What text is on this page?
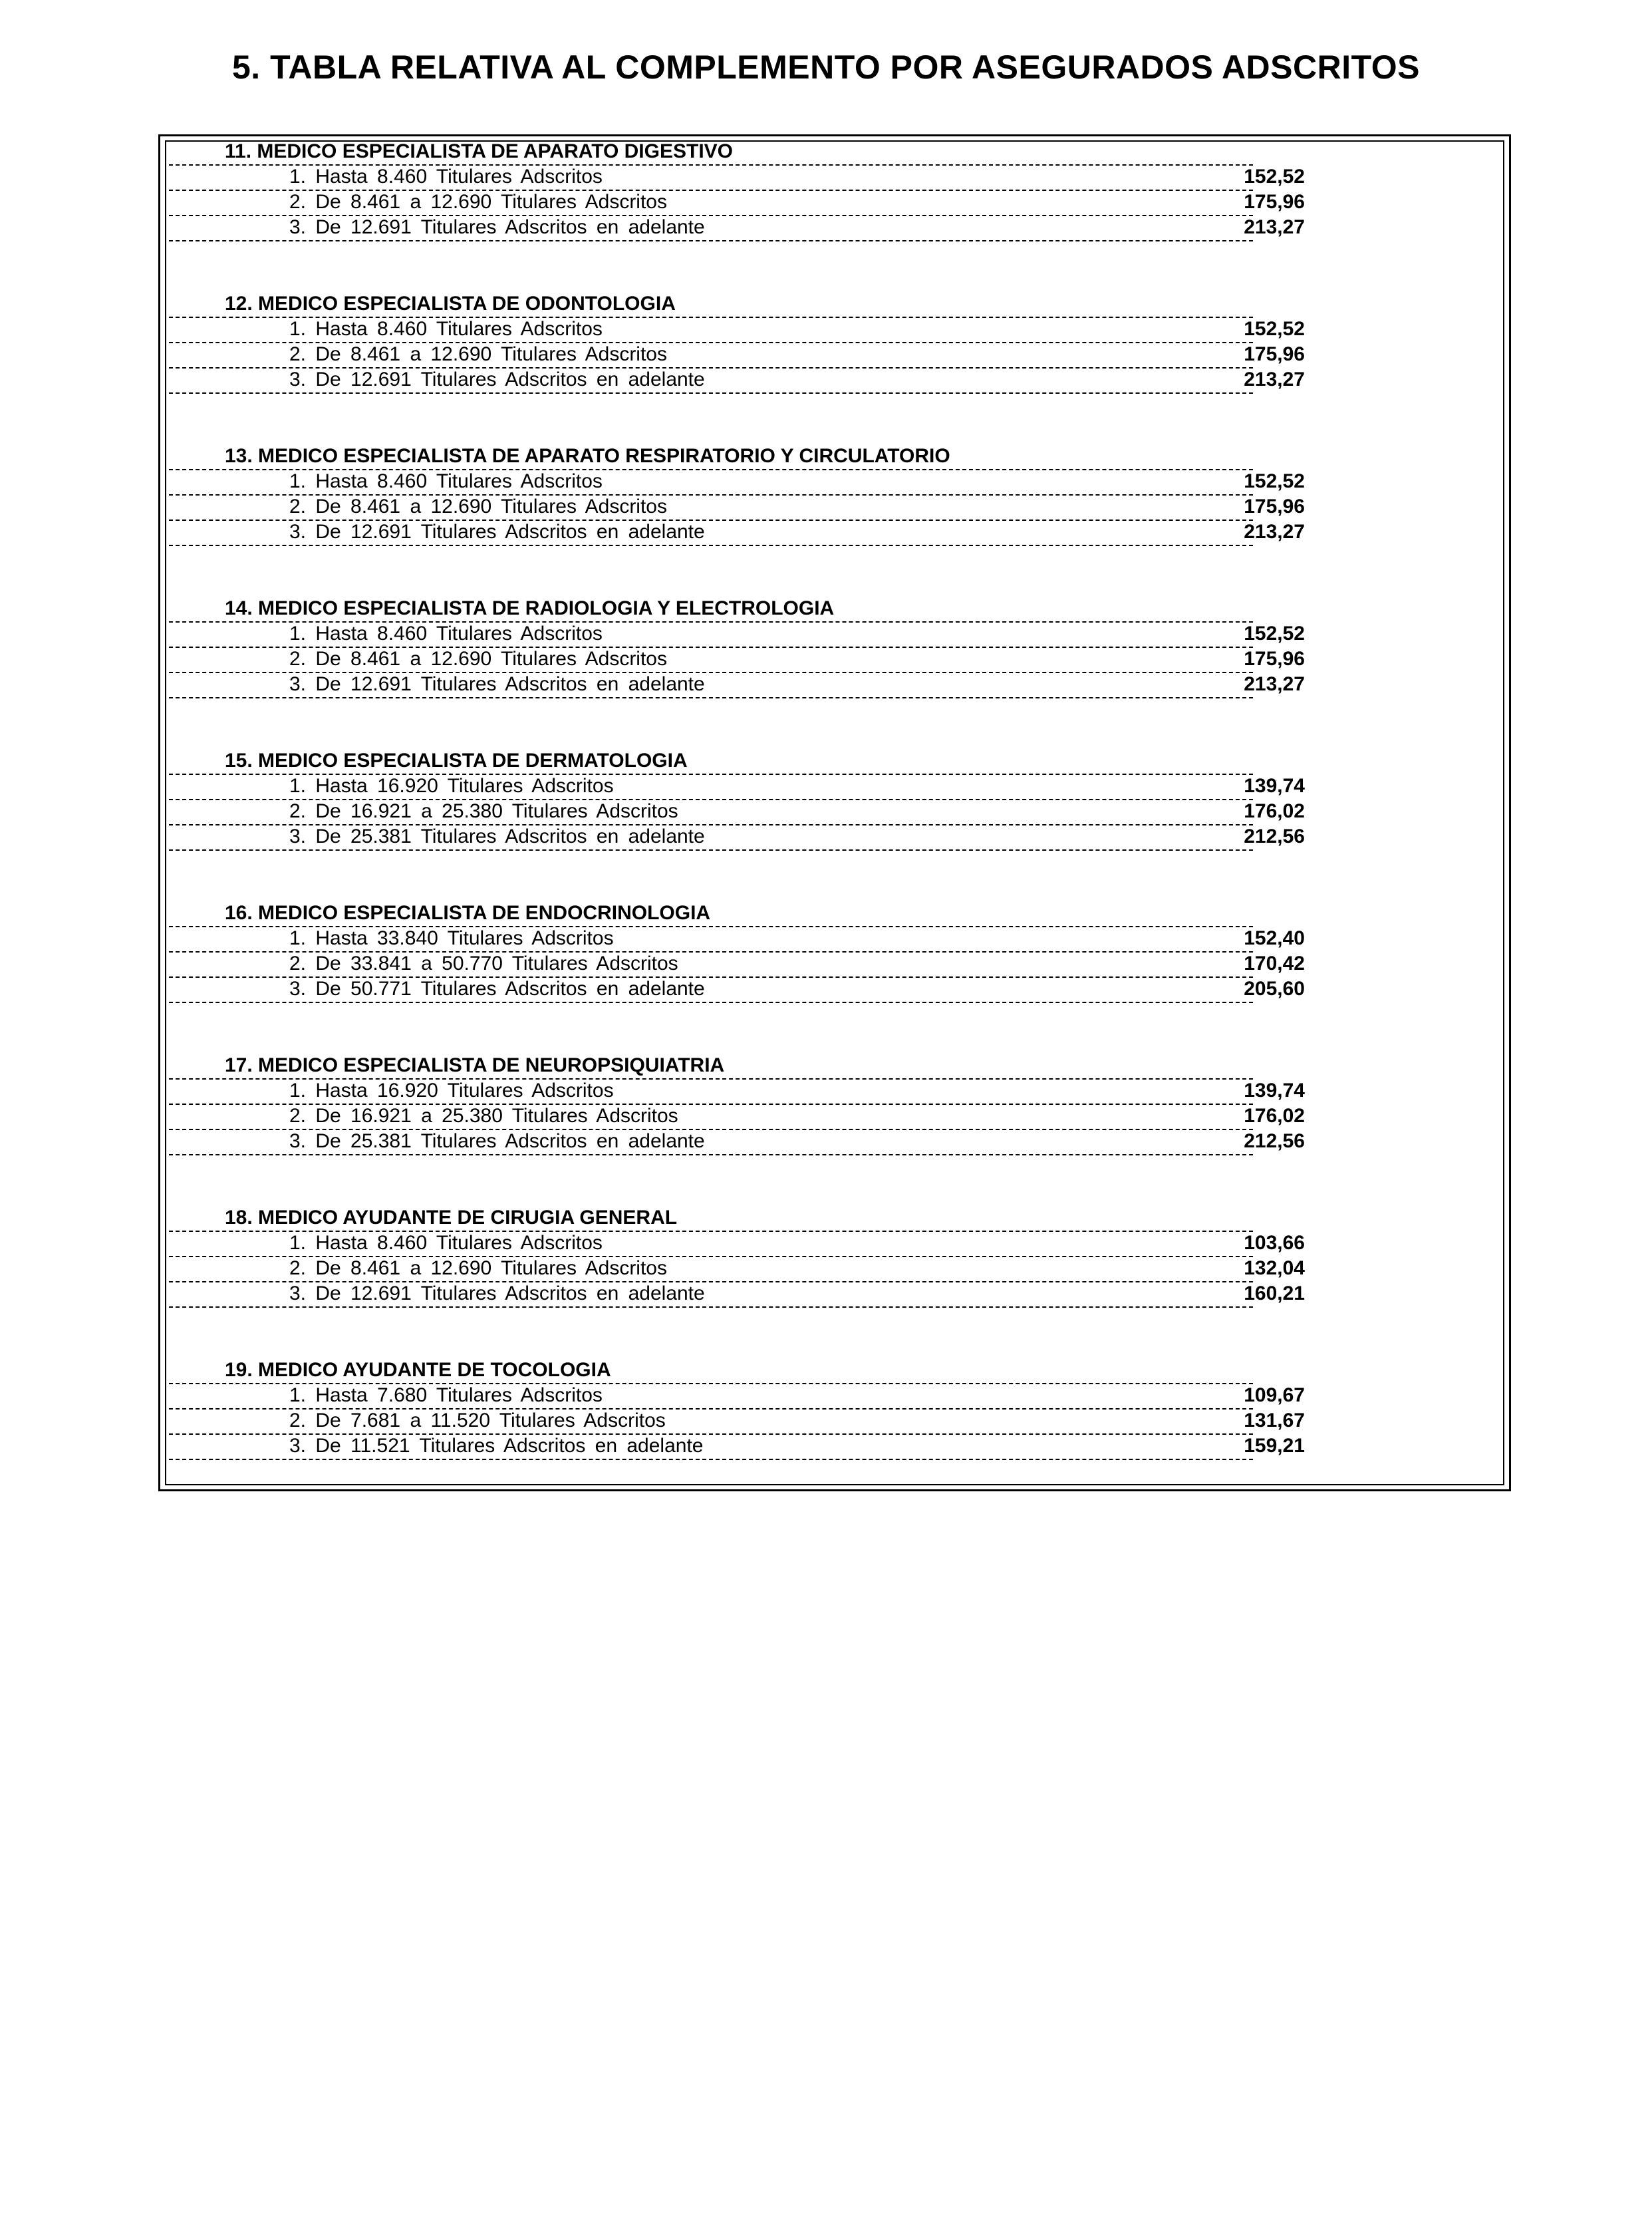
5. TABLA RELATIVA AL COMPLEMENTO POR ASEGURADOS ADSCRITOS
11. MEDICO ESPECIALISTA DE APARATO DIGESTIVO
1. Hasta 8.460 Titulares Adscritos	152,52
2. De 8.461 a 12.690 Titulares Adscritos	175,96
3. De 12.691 Titulares Adscritos en adelante	213,27
12. MEDICO ESPECIALISTA DE ODONTOLOGIA
1. Hasta 8.460 Titulares Adscritos	152,52
2. De 8.461 a 12.690 Titulares Adscritos	175,96
3. De 12.691 Titulares Adscritos en adelante	213,27
13. MEDICO ESPECIALISTA DE APARATO RESPIRATORIO Y CIRCULATORIO
1. Hasta 8.460 Titulares Adscritos	152,52
2. De 8.461 a 12.690 Titulares Adscritos	175,96
3. De 12.691 Titulares Adscritos en adelante	213,27
14. MEDICO ESPECIALISTA DE RADIOLOGIA Y ELECTROLOGIA
1. Hasta 8.460 Titulares Adscritos	152,52
2. De 8.461 a 12.690 Titulares Adscritos	175,96
3. De 12.691 Titulares Adscritos en adelante	213,27
15. MEDICO ESPECIALISTA DE DERMATOLOGIA
1. Hasta 16.920 Titulares Adscritos	139,74
2. De 16.921 a 25.380 Titulares Adscritos	176,02
3. De 25.381 Titulares Adscritos en adelante	212,56
16. MEDICO ESPECIALISTA DE ENDOCRINOLOGIA
1. Hasta 33.840 Titulares Adscritos	152,40
2. De 33.841 a 50.770 Titulares Adscritos	170,42
3. De 50.771 Titulares Adscritos en adelante	205,60
17. MEDICO ESPECIALISTA DE NEUROPSIQUIATRIA
1. Hasta 16.920 Titulares Adscritos	139,74
2. De 16.921 a 25.380 Titulares Adscritos	176,02
3. De 25.381 Titulares Adscritos en adelante	212,56
18. MEDICO AYUDANTE DE CIRUGIA GENERAL
1. Hasta 8.460 Titulares Adscritos	103,66
2. De 8.461 a 12.690 Titulares Adscritos	132,04
3. De 12.691 Titulares Adscritos en adelante	160,21
19. MEDICO AYUDANTE DE TOCOLOGIA
1. Hasta 7.680 Titulares Adscritos	109,67
2. De 7.681 a 11.520 Titulares Adscritos	131,67
3. De 11.521 Titulares Adscritos en adelante	159,21
